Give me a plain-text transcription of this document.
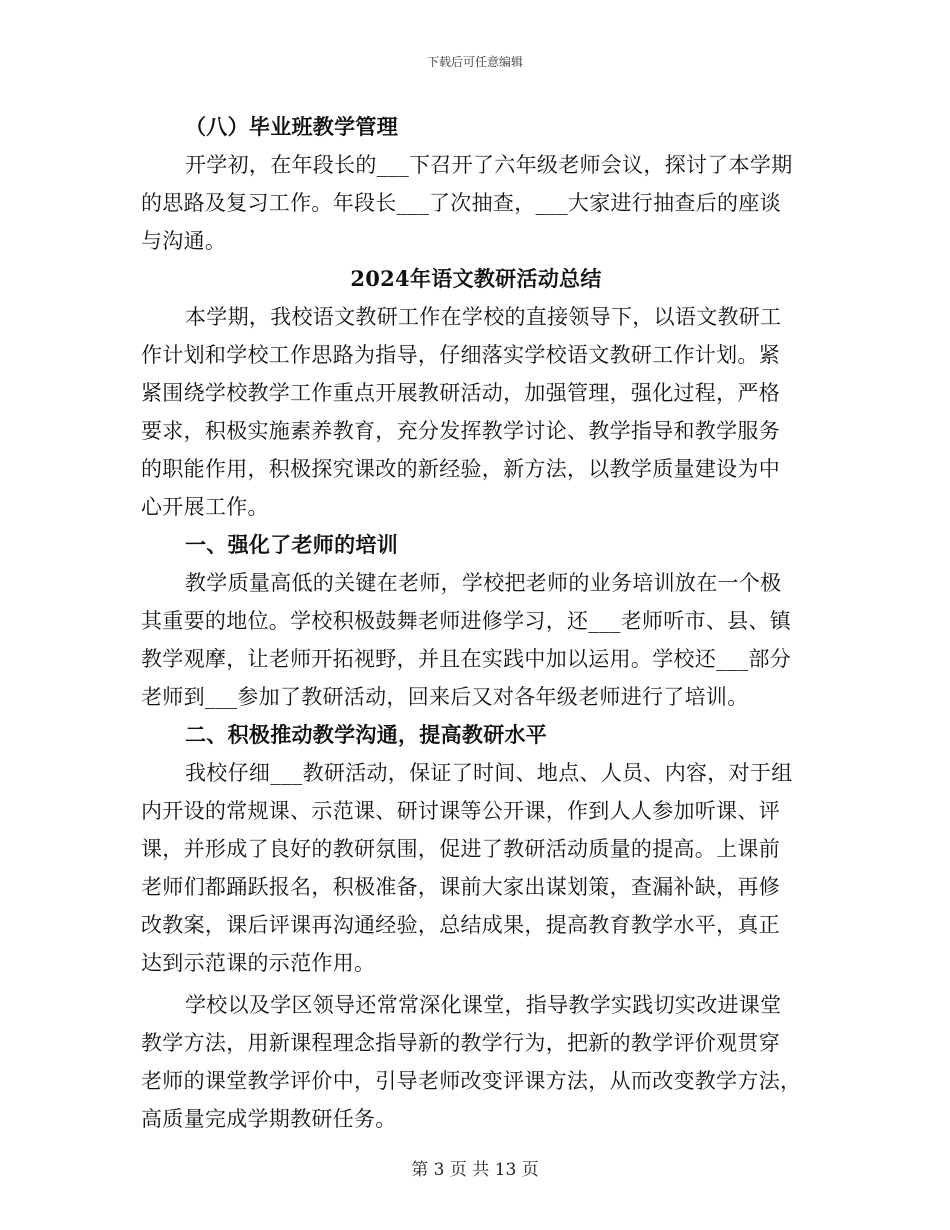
下载后可任意编辑
（八）毕业班教学管理
开学初，在年段长的___下召开了六年级老师会议，探讨了本学期
的思路及复习工作。年段长___了次抽查，___大家进行抽查后的座谈
与沟通。
2024年语文教研活动总结
本学期，我校语文教研工作在学校的直接领导下，以语文教研工
作计划和学校工作思路为指导，仔细落实学校语文教研工作计划。紧
紧围绕学校教学工作重点开展教研活动，加强管理，强化过程，严格
要求，积极实施素养教育，充分发挥教学讨论、教学指导和教学服务
的职能作用，积极探究课改的新经验，新方法，以教学质量建设为中
心开展工作。
一、强化了老师的培训
教学质量高低的关键在老师，学校把老师的业务培训放在一个极
其重要的地位。学校积极鼓舞老师进修学习，还___老师听市、县、镇
教学观摩，让老师开拓视野，并且在实践中加以运用。学校还___部分
老师到___参加了教研活动，回来后又对各年级老师进行了培训。
二、积极推动教学沟通，提高教研水平
我校仔细___教研活动，保证了时间、地点、人员、内容，对于组
内开设的常规课、示范课、研讨课等公开课，作到人人参加听课、评
课，并形成了良好的教研氛围，促进了教研活动质量的提高。上课前
老师们都踊跃报名，积极准备，课前大家出谋划策，查漏补缺，再修
改教案，课后评课再沟通经验，总结成果，提高教育教学水平，真正
达到示范课的示范作用。
学校以及学区领导还常常深化课堂，指导教学实践切实改进课堂
教学方法，用新课程理念指导新的教学行为，把新的教学评价观贯穿
老师的课堂教学评价中，引导老师改变评课方法，从而改变教学方法，
高质量完成学期教研任务。
第 3 页 共 13 页
